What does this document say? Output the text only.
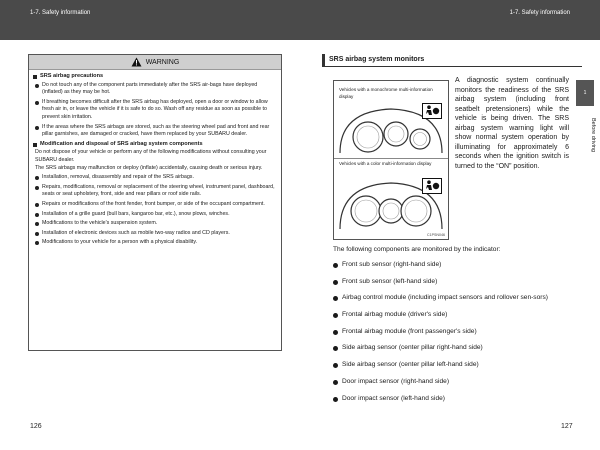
1-7. Safety information	1-7. Safety information
WARNING
SRS airbag precautions
Do not touch any of the component parts immediately after the SRS air-bags have deployed (inflated) as they may be hot.
If breathing becomes difficult after the SRS airbag has deployed, open a door or window to allow fresh air in, or leave the vehicle if it is safe to do so. Wash off any residue as soon as possible to prevent skin irritation.
If the areas where the SRS airbags are stored, such as the steering wheel pad and front and rear pillar garnishes, are damaged or cracked, have them replaced by your SUBARU dealer.
Modification and disposal of SRS airbag system components
Do not dispose of your vehicle or perform any of the following modifications without consulting your SUBARU dealer.
The SRS airbags may malfunction or deploy (inflate) accidentally, causing death or serious injury.
Installation, removal, disassembly and repair of the SRS airbags.
Repairs, modifications, removal or replacement of the steering wheel, instrument panel, dashboard, seats or seat upholstery, front, side and rear pillars or roof side rails.
Repairs or modifications of the front fender, front bumper, or side of the occupant compartment.
Installation of a grille guard (bull bars, kangaroo bar, etc.), snow plows, winches.
Modifications to the vehicle's suspension system.
Installation of electronic devices such as mobile two-way radios and CD players.
Modifications to your vehicle for a person with a physical disability.
126
SRS airbag system monitors
Vehicles with a monochrome multi-information display
Vehicles with a color multi-information display
C1PSN046
A diagnostic system continually monitors the readiness of the SRS airbag system (including front seatbelt pretensioners) while the vehicle is being driven. The SRS airbag system warning light will show normal system operation by illuminating for approximately 6 seconds when the ignition switch is turned to the “ON” position.
1
Before driving
The following components are monitored by the indicator:
Front sub sensor (right-hand side)
Front sub sensor (left-hand side)
Airbag control module (including impact sensors and rollover sen-sors)
Frontal airbag module (driver's side)
Frontal airbag module (front passenger's side)
Side airbag sensor (center pillar right-hand side)
Side airbag sensor (center pillar left-hand side)
Door impact sensor (right-hand side)
Door impact sensor (left-hand side)
127
